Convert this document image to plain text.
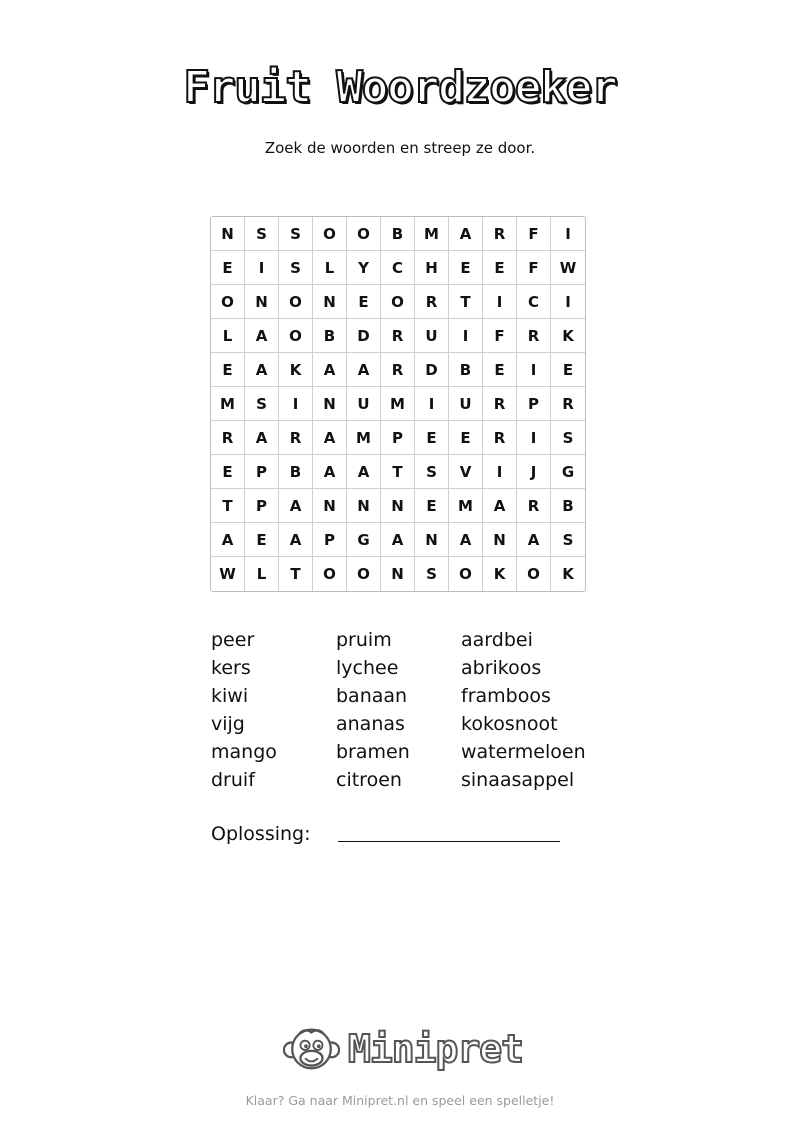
Fruit Woordzoeker
Zoek de woorden en streep ze door.
N	S	S	O	O	B	M	A	R	F	I
E	I	S	L	Y	C	H	E	E	F	W
O	N	O	N	E	O	R	T	I	C	I
L	A	O	B	D	R	U	I	F	R	K
E	A	K	A	A	R	D	B	E	I	E
M	S	I	N	U	M	I	U	R	P	R
R	A	R	A	M	P	E	E	R	I	S
E	P	B	A	A	T	S	V	I	J	G
T	P	A	N	N	N	E	M	A	R	B
A	E	A	P	G	A	N	A	N	A	S
W	L	T	O	O	N	S	O	K	O	K
peer	pruim	aardbei
kers	lychee	abrikoos
kiwi	banaan	framboos
vijg	ananas	kokosnoot
mango	bramen	watermeloen
druif	citroen	sinaasappel
Oplossing:
Minipret
Klaar? Ga naar Minipret.nl en speel een spelletje!
